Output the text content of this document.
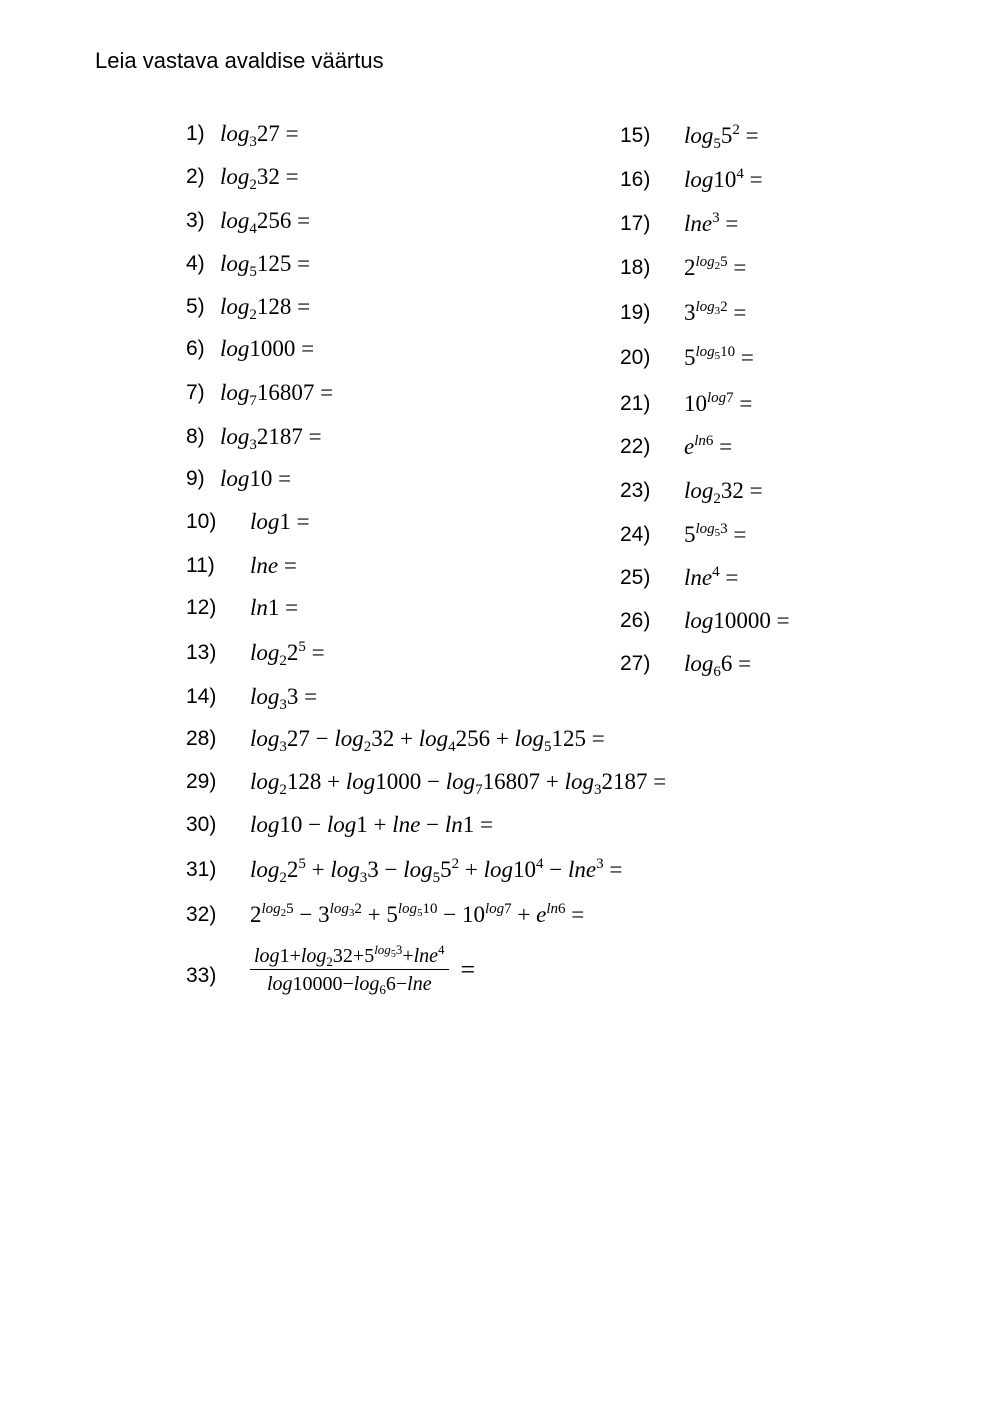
Leia vastava avaldise väärtus
1) $\log_327$ =
2) $\log_232$ =
3) $\log_4256$ =
4) $\log_5125$ =
5) $\log_2128$ =
6) log1000 =
7) $\log_716807$ =
8) $\log_32187$ =
9) log10 =
10) log1 =
11) lne =
12) ln1 =
13) $\log_22^5$ =
14) $\log_33$ =
15) $\log_55^2$ =
16) $\log 10^4$ =
17) lne$^3$ =
18) $2^{log_25}$ =
19) $3^{log_32}$ =
20) $5^{log_510}$ =
21) $10^{log7}$ =
22) $e^{ln6}$ =
23) $\log_232$ =
24) $5^{log_53}$ =
25) lne$^4$ =
26) log10000 =
27) $\log_66$ =
28) $\log_327 - \log_232 + \log_4256 + \log_5125$ =
29) $\log_2128 + \log 1000 - \log_716807 + \log_32187$ =
30) log10 − log1 + lne − ln1 =
31) $\log_22^5 + \log_33 - \log_55^2 + \log 10^4 - \ln e^3$ =
32) $2^{log_25} - 3^{log_32} + 5^{log_510} - 10^{log7} + e^{ln6}$ =
$33) \frac{\log 1+\log_232+5^{log_53}+\ln e^4}{\log 10000-\log_66-\ln e}$ =
